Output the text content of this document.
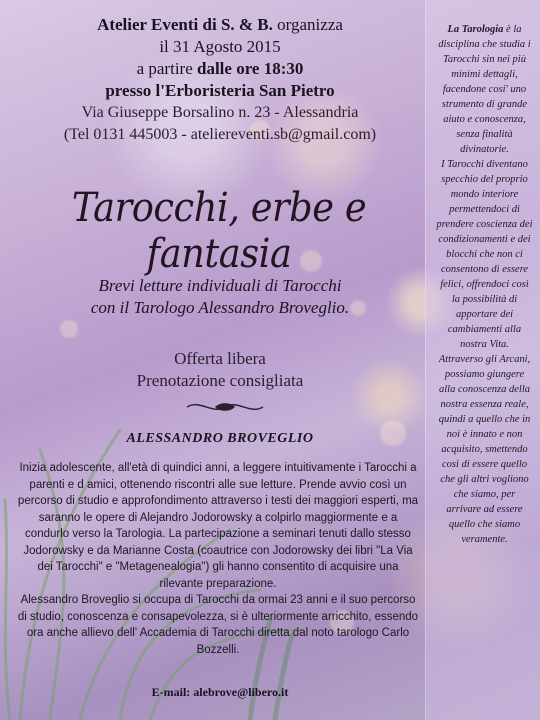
Atelier Eventi di S. & B. organizza
il 31 Agosto 2015
a partire dalle ore 18:30
presso l'Erboristeria San Pietro
Via Giuseppe Borsalino n. 23 - Alessandria
(Tel 0131 445003 - ateliereventi.sb@gmail.com)
Tarocchi, erbe e fantasia
Brevi letture individuali di Tarocchi
con il Tarologo Alessandro Broveglio.
Offerta libera
Prenotazione consigliata
ALESSANDRO BROVEGLIO

Inizia adolescente, all'età di quindici anni, a leggere intuitivamente i Tarocchi a parenti e d amici, ottenendo riscontri alle sue letture. Prende avvio così un percorso di studio e approfondimento attraverso i testi dei maggiori esperti, ma saranno le opere di Alejandro Jodorowsky a colpirlo maggiormente e a condurlo verso la Tarologia. La partecipazione a seminari tenuti dallo stesso Jodorowsky e da Marianne Costa (coautrice con Jodorowsky dei libri "La Via dei Tarocchi" e "Metagenealogia") gli hanno consentito di acquisire una rilevante preparazione.

Alessandro Broveglio si occupa di Tarocchi da ormai 23 anni e il suo percorso di studio, conoscenza e consapevolezza, si è ulteriormente arricchito, essendo ora anche allievo dell' Accademia di Tarocchi diretta dal noto tarologo Carlo Bozzelli.

E-mail: alebrove@libero.it

La Tarologia è la disciplina che studia i Tarocchi sin nei più minimi dettagli, facendone cosi' uno strumento di grande aiuto e conoscenza, senza finalità divinatorie.

I Tarocchi diventano specchio del proprio mondo interiore permettendoci di prendere coscienza dei condizionamenti e dei blocchi che non ci consentono di essere felici, offrendoci così la possibilità di apportare dei cambiamenti alla nostra Vita.

Attraverso gli Arcani, possiamo giungere alla conoscenza della nostra essenza reale, quindi a quello che in noi è innato e non acquisito, smettendo così di essere quello che gli altri vogliono che siamo, per arrivare ad essere quello che siamo veramente.
